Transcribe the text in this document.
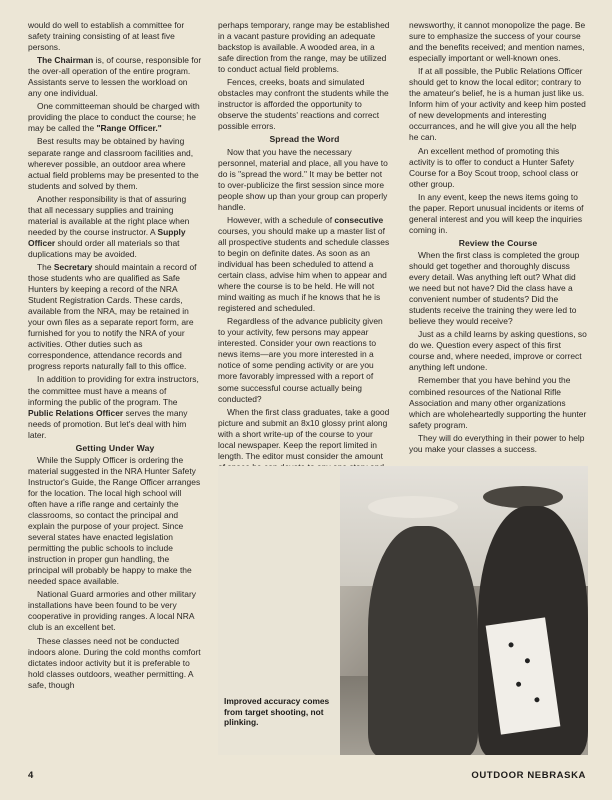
would do well to establish a committee for safety training consisting of at least five persons.

The Chairman is, of course, responsible for the over-all operation of the entire program. Assistants serve to lessen the workload on any one individual.

One committeeman should be charged with providing the place to conduct the course; he may be called the "Range Officer."

Best results may be obtained by having separate range and classroom facilities and, wherever possible, an outdoor area where actual field problems may be presented to the students and solved by them.

Another responsibility is that of assuring that all necessary supplies and training material is available at the right place when needed by the course instructor. A Supply Officer should order all materials so that duplications may be avoided.

The Secretary should maintain a record of those students who are qualified as Safe Hunters by keeping a record of the NRA Student Registration Cards. These cards, available from the NRA, may be retained in your own files as a separate report form, are furnished for you to notify the NRA of your activities. Other duties such as correspondence, attendance records and progress reports naturally fall to this office.

In addition to providing for extra instructors, the committee must have a means of informing the public of the program. The Public Relations Officer serves the many needs of promotion. But let's deal with him later.

Getting Under Way

While the Supply Officer is ordering the material suggested in the NRA Hunter Safety Instructor's Guide, the Range Officer arranges for the location. The local high school will often have a rifle range and certainly the classrooms, so contact the principal and explain the purpose of your project. Since several states have enacted legislation permitting the public schools to include instruction in proper gun handling, the principal will probably be happy to make the needed space available.

National Guard armories and other military installations have been found to be very cooperative in providing ranges. A local NRA club is an excellent bet.

These classes need not be conducted indoors alone. During the cold months comfort dictates indoor activity but it is preferable to hold classes outdoors, weather permitting. A safe, though

perhaps temporary, range may be established in a vacant pasture providing an adequate backstop is available. A wooded area, in a safe direction from the range, may be utilized to conduct actual field problems.

Fences, creeks, boats and simulated obstacles may confront the students while the instructor is afforded the opportunity to observe the students' reactions and correct possible errors.

Spread the Word

Now that you have the necessary personnel, material and place, all you have to do is "spread the word." It may be better not to over-publicize the first session since more people show up than your group can properly handle.

However, with a schedule of consecutive courses, you should make up a master list of all prospective students and schedule classes to begin on definite dates. As soon as an individual has been scheduled to attend a certain class, advise him when to appear and where the course is to be held. He will not mind waiting as much if he knows that he is registered and scheduled.

Regardless of the advance publicity given to your activity, few persons may appear interested. Consider your own reactions to news items—are you more interested in a notice of some pending activity or are you more favorably impressed with a report of some successful course actually being conducted?

When the first class graduates, take a good picture and submit an 8x10 glossy print along with a short write-up of the course to your local newspaper. Keep the report limited in length. The editor must consider the amount

newsworthy, it cannot monopolize the page. Be sure to emphasize the success of your course and the benefits received; and mention names, especially important or well-known ones.

If at all possible, the Public Relations Officer should get to know the local editor; contrary to the amateur's belief, he is a human just like us. Inform him of your activity and keep him posted of new developments and interesting occurrances, and he will give you all the help he can.

An excellent method of promoting this activity is to offer to conduct a Hunter Safety Course for a Boy Scout troop, school class or other group.

In any event, keep the news items going to the paper. Report unusual incidents or items of general interest and you will keep the inquiries coming in.

Review the Course

When the first class is completed the group should get together and thoroughly discuss every detail. Was anything left out? What did we need but not have? Did the class have a convenient number of students? Did the students receive the training they were led to believe they would receive?

Just as a child learns by asking questions, so do we. Question every aspect of this first course and, where needed, improve or correct anything left undone.

Remember that you have behind you the combined resources of the National Rifle Association and many other organizations which are wholeheartedly supporting the hunter safety program.

They will do everything in their power to help you make your classes a success.

Improved accuracy comes from target shooting, not plinking.
4	OUTDOOR NEBRASKA
